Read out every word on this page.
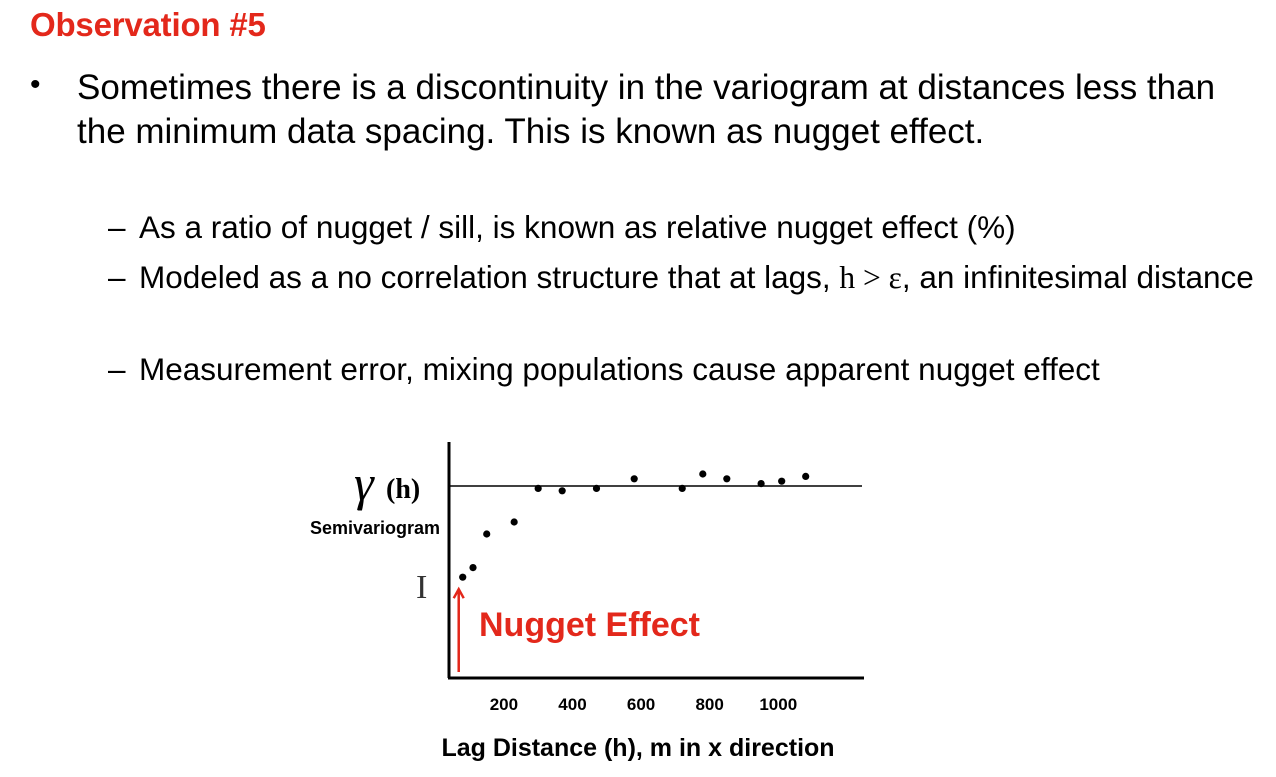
Observation #5
• Sometimes there is a discontinuity in the variogram at distances less than the minimum data spacing. This is known as nugget effect.

– As a ratio of nugget / sill, is known as relative nugget effect (%)
– Modeled as a no correlation structure that at lags, h > ε, an infinitesimal distance
– Measurement error, mixing populations cause apparent nugget effect
γ (h)
Semivariogram
200 400 600 800 1000
Nugget Effect
Lag Distance (h), m in x direction
I
